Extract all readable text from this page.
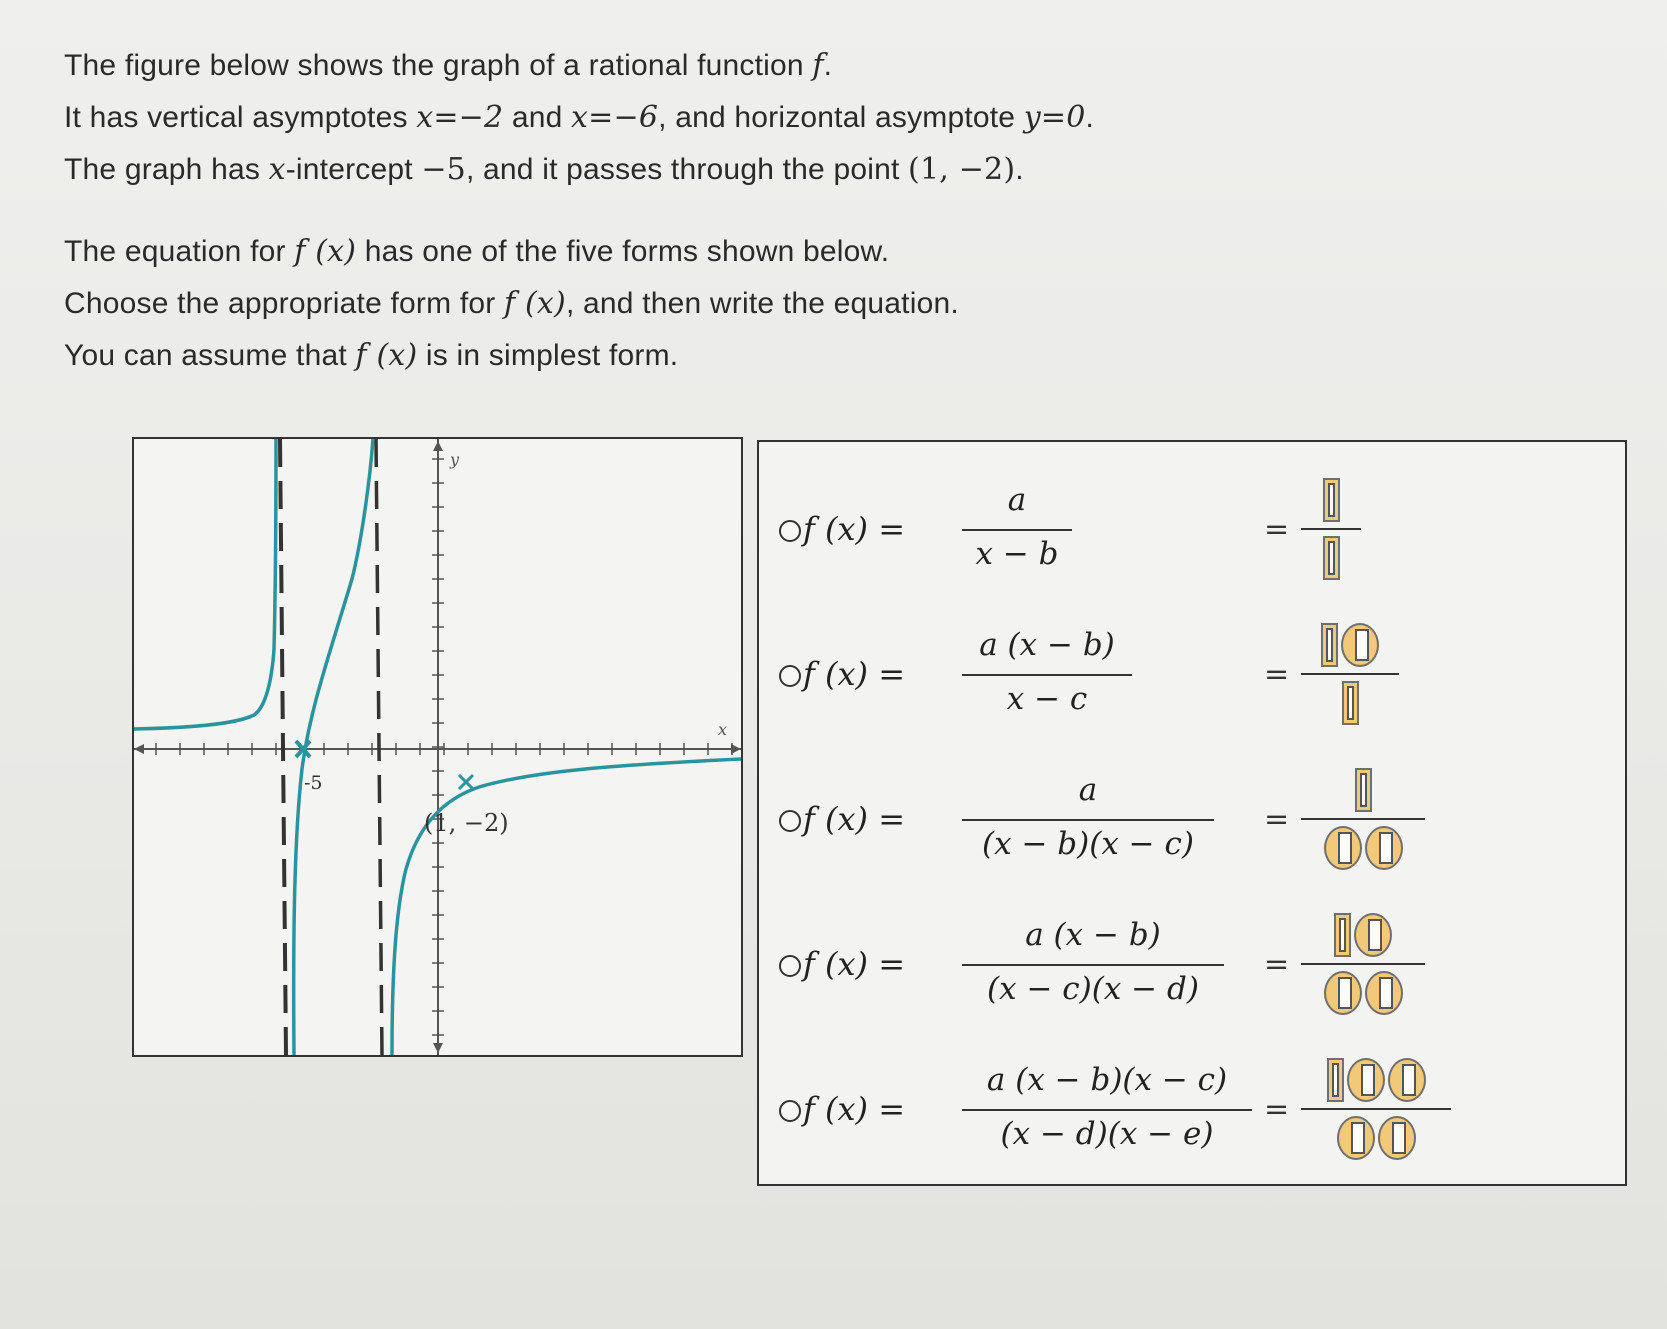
The figure below shows the graph of a rational function f.
It has vertical asymptotes x=−2 and x=−6, and horizontal asymptote y=0.
The graph has x-intercept −5, and it passes through the point (1, −2).
The equation for f (x) has one of the five forms shown below.
Choose the appropriate form for f (x), and then write the equation.
You can assume that f (x) is in simplest form.
-5
(1, −2)
y
x
f (x) =
a
x − b
=
f (x) =
a (x − b)
x − c
=
f (x) =
a
(x − b)(x − c)
=
f (x) =
a (x − b)
(x − c)(x − d)
=
f (x) =
a (x − b)(x − c)
(x − d)(x − e)
=
